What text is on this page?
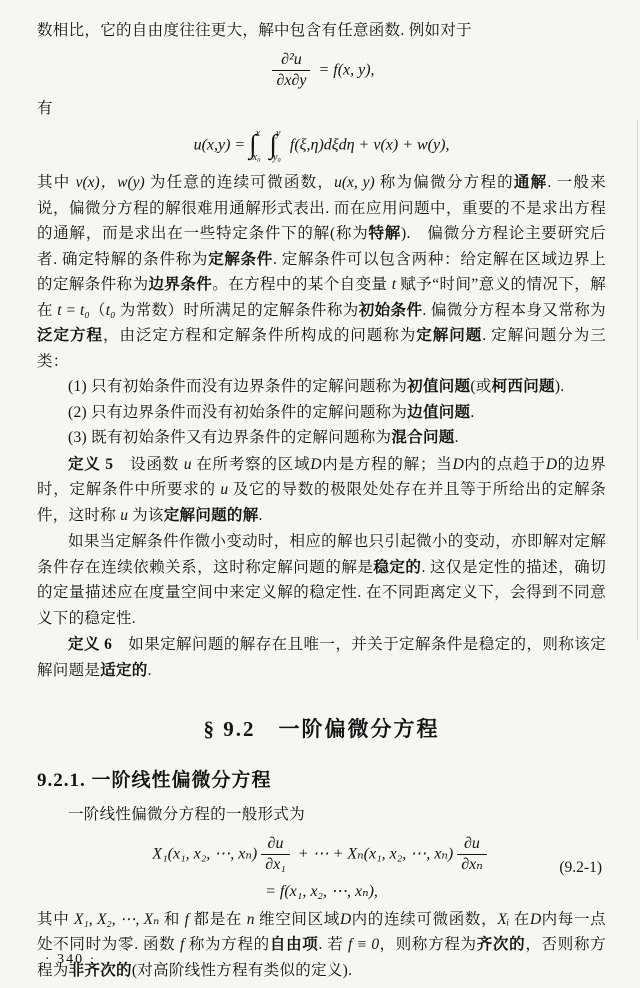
数相比，它的自由度往往更大，解中包含有任意函数. 例如对于
$\frac{\text{∂²u}}{\partial x\partial y} = f(x$, y),
有
u(x,y) = ∫ x
x₀ ∫ y
y₀
f(ξ,η)dξdη + v(x) + w(y),
其中 v(x)，w(y) 为任意的连续可微函数，u(x, y) 称为偏微分方程的通解. 一般来说，偏微分方程的解很难用通解形式表出. 而在应用问题中，重要的不是求出方程的通解，而是求出在一些特定条件下的解(称为特解).　偏微分方程论主要研究后者. 确定特解的条件称为定解条件. 定解条件可以包含两种：给定解在区域边界上的定解条件称为边界条件。在方程中的某个自变量 t 赋予“时间”意义的情况下，解在 t = t₀（t₀ 为常数）时所满足的定解条件称为初始条件. 偏微分方程本身又常称为泛定方程，由泛定方程和定解条件所构成的问题称为定解问题. 定解问题分为三类：
(1) 只有初始条件而没有边界条件的定解问题称为初值问题(或柯西问题).
(2) 只有边界条件而没有初始条件的定解问题称为边值问题.
(3) 既有初始条件又有边界条件的定解问题称为混合问题.
定义 5　设函数 u 在所考察的区域D内是方程的解；当D内的点趋于D的边界时，定解条件中所要求的 u 及它的导数的极限处处存在并且等于所给出的定解条件，这时称 u 为该定解问题的解.
如果当定解条件作微小变动时，相应的解也只引起微小的变动，亦即解对定解条件存在连续依赖关系，这时称定解问题的解是稳定的. 这仅是定性的描述，确切的定量描述应在度量空间中来定义解的稳定性. 在不同距离定义下，会得到不同意义下的稳定性.
定义 6　如果定解问题的解存在且唯一，并关于定解条件是稳定的，则称该定解问题是适定的.
§ 9.2　一阶偏微分方程
9.2.1. 一阶线性偏微分方程
一阶线性偏微分方程的一般形式为
X₁(x₁, x₂, ⋯, $x_n) \frac{\partial u}{\text{∂x₁}}$ + ⋯ + Xₙ(x₁, x₂, ⋯, $x_n) \frac{\partial u}{\text{∂xₙ}}$
= f(x₁, x₂, ⋯, xₙ),
(9.2-1)
其中 X₁, X₂, ⋯, Xₙ 和 f 都是在 n 维空间区域D内的连续可微函数，Xᵢ 在D内每一点处不同时为零. 函数 f 称为方程的自由项. 若 f ≡ 0，则称方程为齐次的，否则称方程为非齐次的(对高阶线性方程有类似的定义).
· 340 ·
